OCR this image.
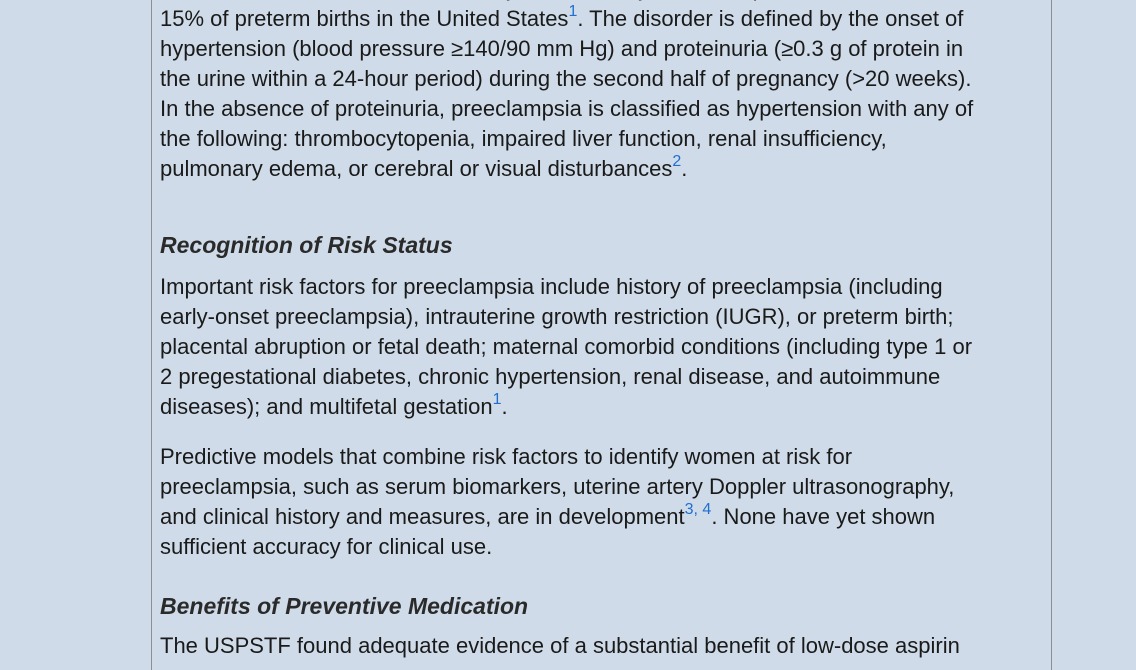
15% of preterm births in the United States$^1$. The disorder is defined by the onset of
hypertension (blood pressure ≥140/90 mm Hg) and proteinuria (≥0.3 g of protein in
the urine within a 24-hour period) during the second half of pregnancy (>20 weeks).
In the absence of proteinuria, preeclampsia is classified as hypertension with any of
the following: thrombocytopenia, impaired liver function, renal insufficiency,
pulmonary edema, or cerebral or visual disturbances$^2$.

Recognition of Risk Status

Important risk factors for preeclampsia include history of preeclampsia (including
early-onset preeclampsia), intrauterine growth restriction (IUGR), or preterm birth;
placental abruption or fetal death; maternal comorbid conditions (including type 1 or
2 pregestational diabetes, chronic hypertension, renal disease, and autoimmune
diseases); and multifetal gestation$^1$.

Predictive models that combine risk factors to identify women at risk for
preeclampsia, such as serum biomarkers, uterine artery Doppler ultrasonography,
and clinical history and measures, are in development$^{3, 4}$. None have yet shown
sufficient accuracy for clinical use.

Benefits of Preventive Medication

The USPSTF found adequate evidence of a substantial benefit of low-dose aspirin
